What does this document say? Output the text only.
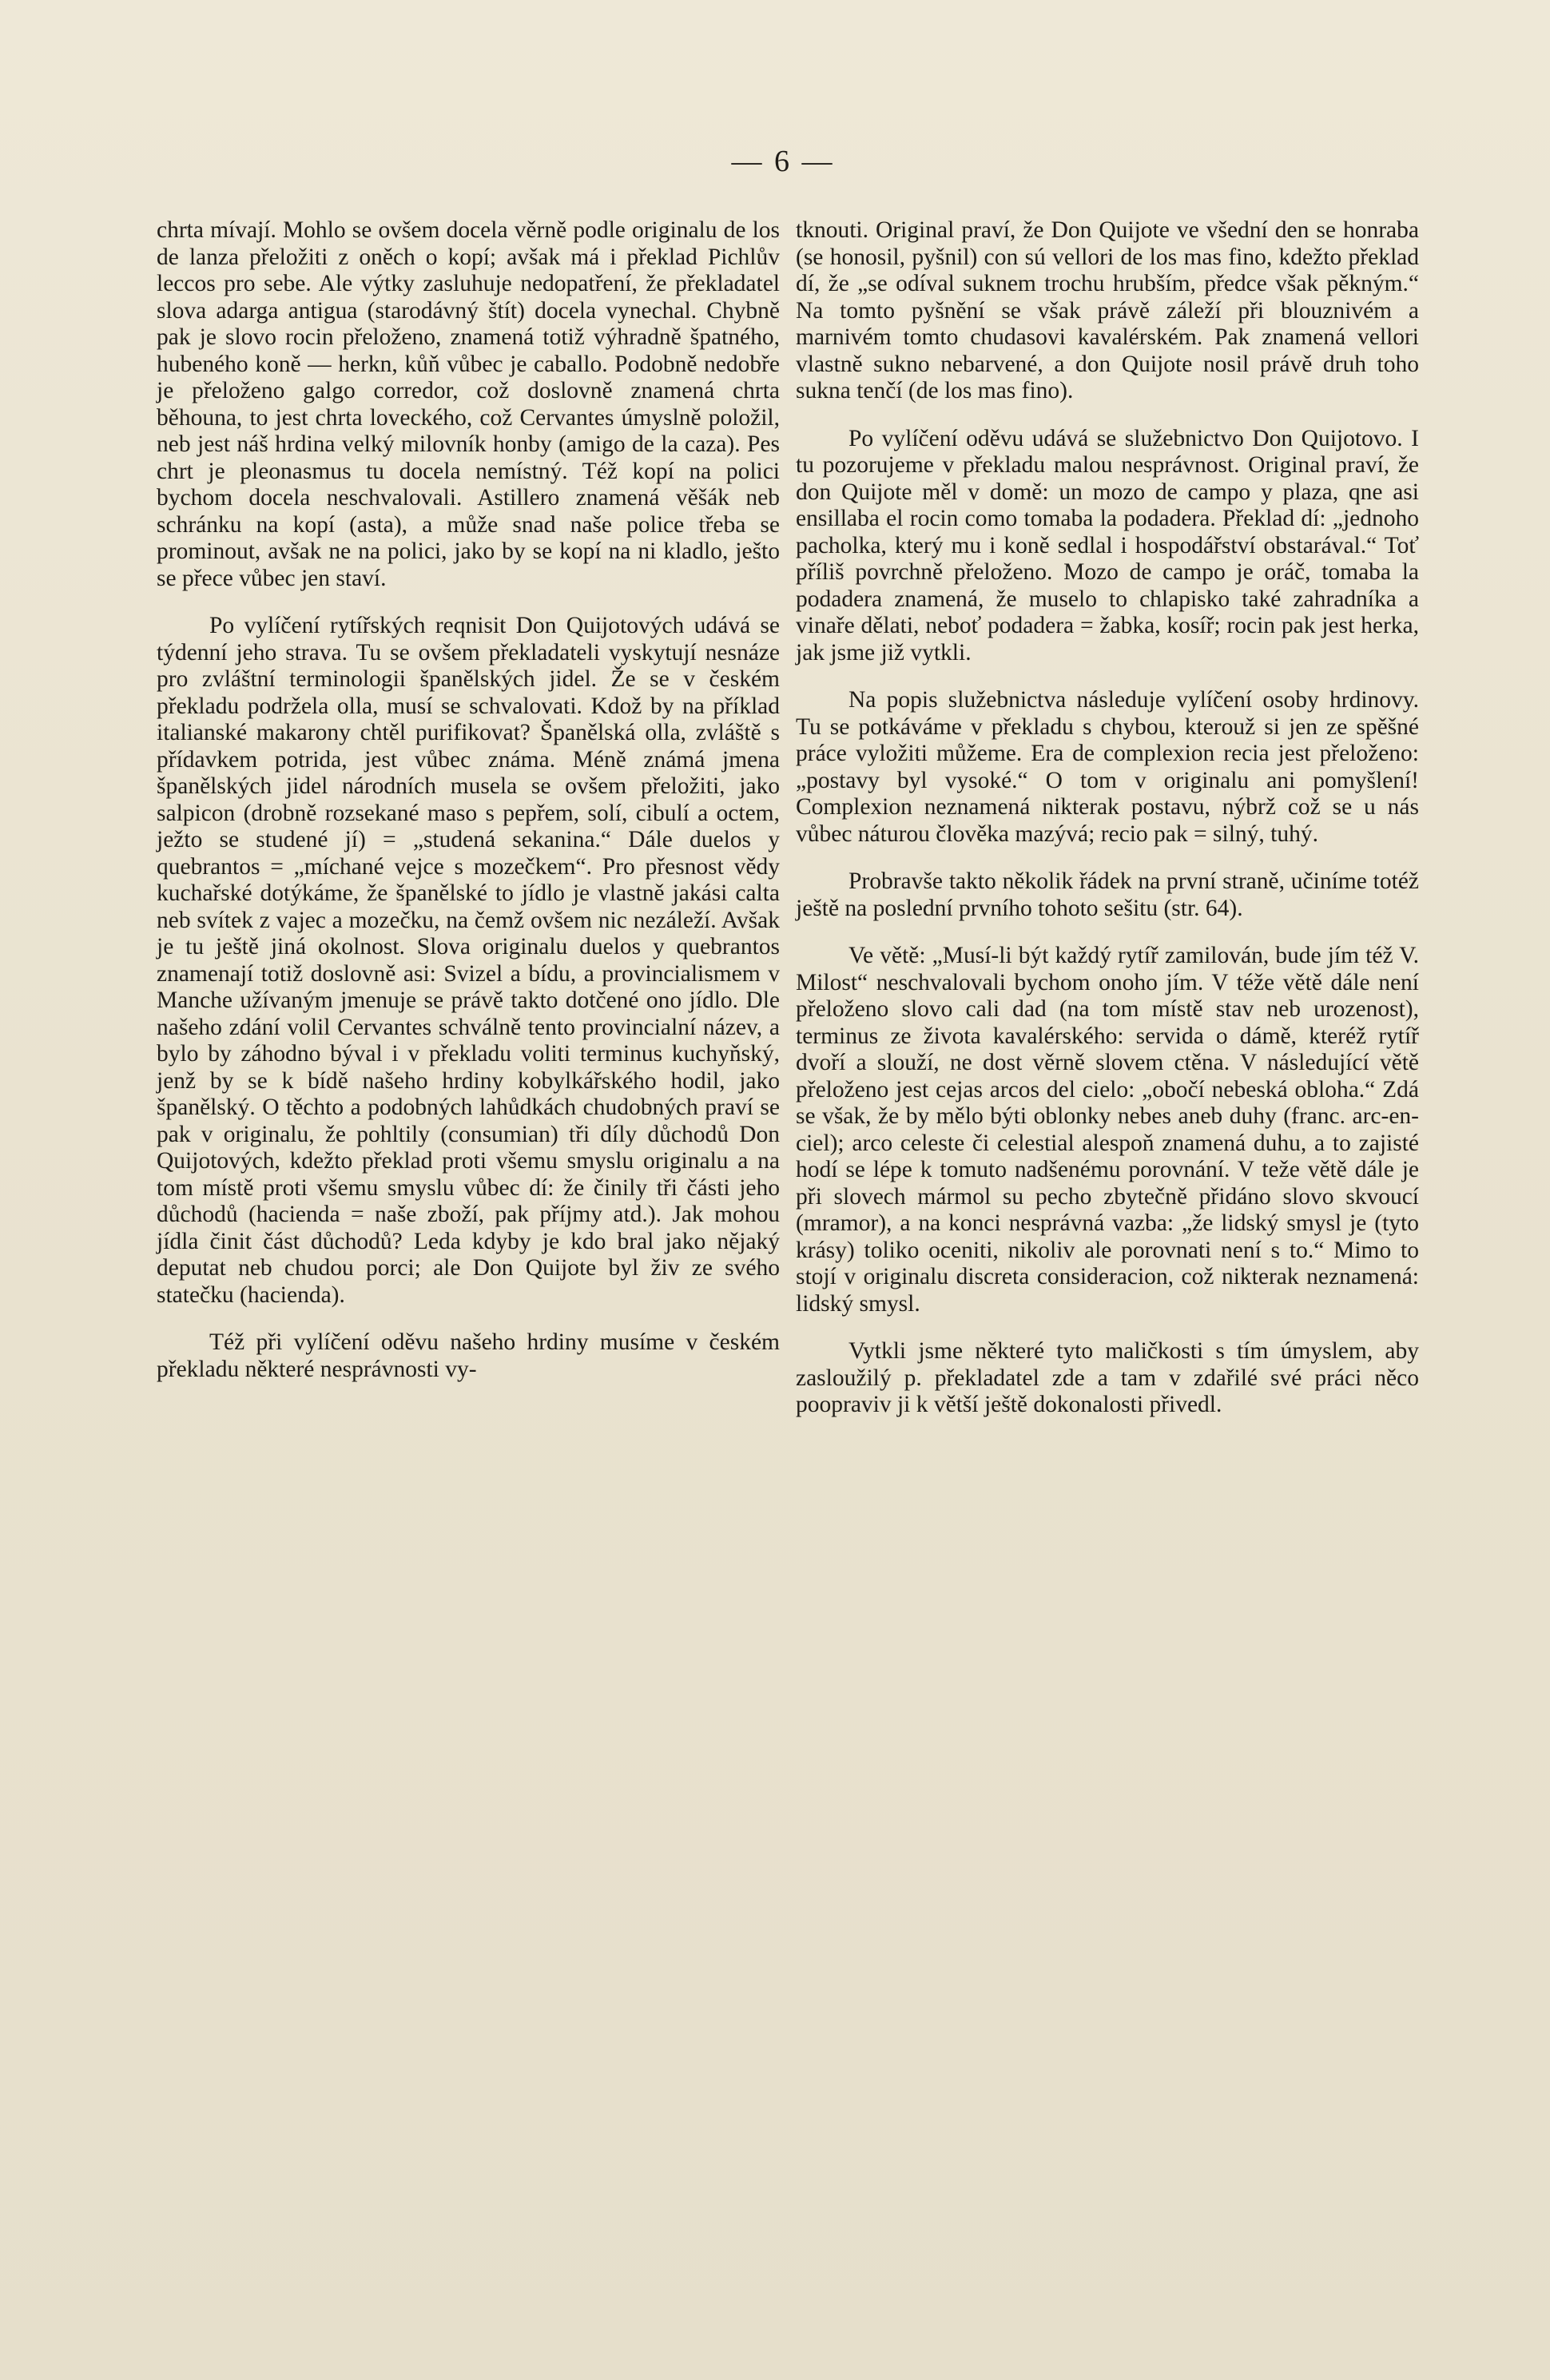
— 6 —

chrta mívají. Mohlo se ovšem docela věrně podle originalu de los de lanza přeložiti z oněch o kopí; avšak má i překlad Pichlův leccos pro sebe. Ale výtky zasluhuje nedopatření, že překladatel slova adarga antigua (starodávný štít) docela vynechal. Chybně pak je slovo rocin přeloženo, znamená totiž výhradně špatného, hubeného koně — herkn, kůň vůbec je caballo. Podobně nedobře je přeloženo galgo corredor, což doslovně znamená chrta běhouna, to jest chrta loveckého, což Cervantes úmyslně položil, neb jest náš hrdina velký milovník honby (amigo de la caza). Pes chrt je pleonasmus tu docela nemístný. Též kopí na polici bychom docela neschvalovali. Astillero znamená věšák neb schránku na kopí (asta), a může snad naše police třeba se prominout, avšak ne na polici, jako by se kopí na ni kladlo, ješto se přece vůbec jen staví.

Po vylíčení rytířských reqnisit Don Quijotových udává se týdenní jeho strava. Tu se ovšem překladateli vyskytují nesnáze pro zvláštní terminologii španělských jidel. Že se v českém překladu podržela olla, musí se schvalovati. Kdož by na příklad italianské makarony chtěl purifikovat? Španělská olla, zvláště s přídavkem potrida, jest vůbec známa. Méně známá jmena španělských jidel národních musela se ovšem přeložiti, jako salpicon (drobně rozsekané maso s pepřem, solí, cibulí a octem, ježto se studené jí) = „studená sekanina.“ Dále duelos y quebrantos = „míchané vejce s mozečkem“. Pro přesnost vědy kuchařské dotýkáme, že španělské to jídlo je vlastně jakási calta neb svítek z vajec a mozečku, na čemž ovšem nic nezáleží. Avšak je tu ještě jiná okolnost. Slova originalu duelos y quebrantos znamenají totiž doslovně asi: Svizel a bídu, a provincialismem v Manche užívaným jmenuje se právě takto dotčené ono jídlo. Dle našeho zdání volil Cervantes schválně tento provincialní název, a bylo by záhodno býval i v překladu voliti terminus kuchyňský, jenž by se k bídě našeho hrdiny kobylkářského hodil, jako španělský. O těchto a podobných lahůdkách chudobných praví se pak v originalu, že pohltily (consumian) tři díly důchodů Don Quijotových, kdežto překlad proti všemu smyslu originalu a na tom místě proti všemu smyslu vůbec dí: že činily tři části jeho důchodů (hacienda = naše zboží, pak příjmy atd.). Jak mohou jídla činit část důchodů? Leda kdyby je kdo bral jako nějaký deputat neb chudou porci; ale Don Quijote byl živ ze svého statečku (hacienda).

Též při vylíčení oděvu našeho hrdiny musíme v českém překladu některé nesprávnosti vy-

tknouti. Original praví, že Don Quijote ve všední den se honraba (se honosil, pyšnil) con sú vellori de los mas fino, kdežto překlad dí, že „se odíval suknem trochu hrubším, předce však pěkným.“ Na tomto pyšnění se však právě záleží při blouznivém a marnivém tomto chudasovi kavalérském. Pak znamená vellori vlastně sukno nebarvené, a don Quijote nosil právě druh toho sukna tenčí (de los mas fino).

Po vylíčení oděvu udává se služebnictvo Don Quijotovo. I tu pozorujeme v překladu malou nesprávnost. Original praví, že don Quijote měl v domě: un mozo de campo y plaza, qne asi ensillaba el rocin como tomaba la podadera. Překlad dí: „jednoho pacholka, který mu i koně sedlal i hospodářství obstarával.“ Toť příliš povrchně přeloženo. Mozo de campo je oráč, tomaba la podadera znamená, že muselo to chlapisko také zahradníka a vinaře dělati, neboť podadera = žabka, kosíř; rocin pak jest herka, jak jsme již vytkli.

Na popis služebnictva následuje vylíčení osoby hrdinovy. Tu se potkáváme v překladu s chybou, kterouž si jen ze spěšné práce vyložiti můžeme. Era de complexion recia jest přeloženo: „postavy byl vysoké.“ O tom v originalu ani pomyšlení! Complexion neznamená nikterak postavu, nýbrž což se u nás vůbec náturou člověka mazývá; recio pak = silný, tuhý.

Probravše takto několik řádek na první straně, učiníme totéž ještě na poslední prvního tohoto sešitu (str. 64).

Ve větě: „Musí-li být každý rytíř zamilován, bude jím též V. Milost“ neschvalovali bychom onoho jím. V téže větě dále není přeloženo slovo cali dad (na tom místě stav neb urozenost), terminus ze života kavalérského: servida o dámě, kteréž rytíř dvoří a slouží, ne dost věrně slovem ctěna. V následující větě přeloženo jest cejas arcos del cielo: „obočí nebeská obloha.“ Zdá se však, že by mělo býti oblonky nebes aneb duhy (franc. arc-en-ciel); arco celeste či celestial alespoň znamená duhu, a to zajisté hodí se lépe k tomuto nadšenému porovnání. V teže větě dále je při slovech mármol su pecho zbytečně přidáno slovo skvoucí (mramor), a na konci nesprávná vazba: „že lidský smysl je (tyto krásy) toliko oceniti, nikoliv ale porovnati není s to.“ Mimo to stojí v originalu discreta consideracion, což nikterak neznamená: lidský smysl.

Vytkli jsme některé tyto maličkosti s tím úmyslem, aby zasloužilý p. překladatel zde a tam v zdařilé své práci něco poopraviv ji k větší ještě dokonalosti přivedl.
